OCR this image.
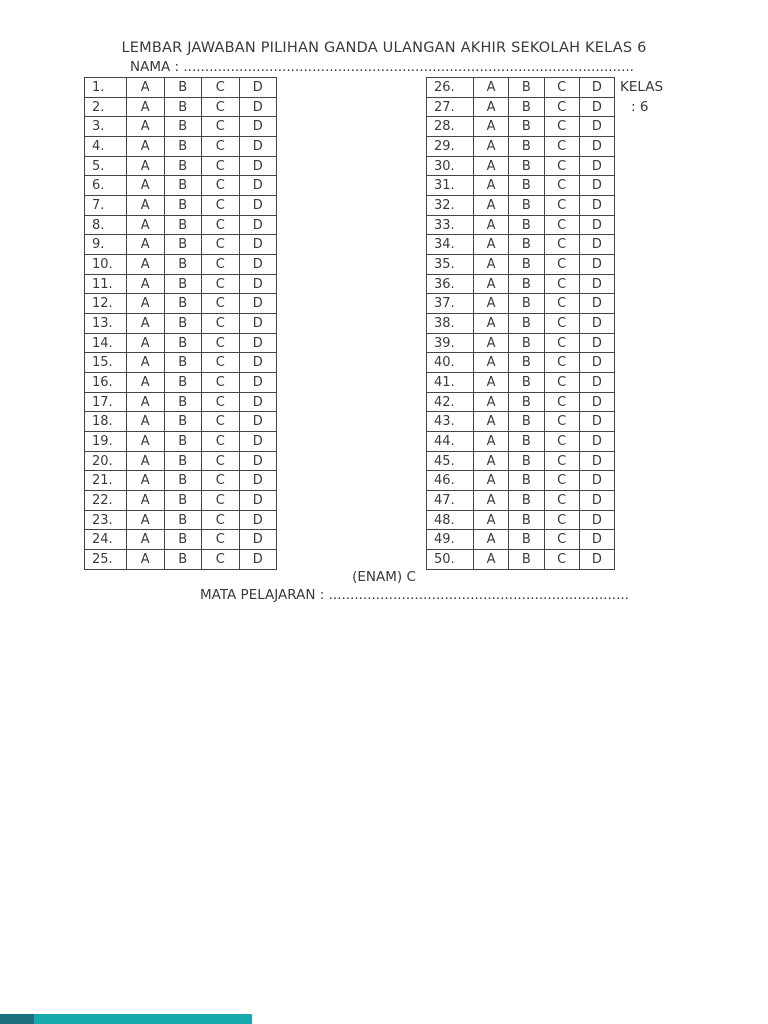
LEMBAR JAWABAN PILIHAN GANDA ULANGAN AKHIR SEKOLAH KELAS 6
NAMA : .........................................................................................................
1.	A	B	C	D
2.	A	B	C	D
3.	A	B	C	D
4.	A	B	C	D
5.	A	B	C	D
6.	A	B	C	D
7.	A	B	C	D
8.	A	B	C	D
9.	A	B	C	D
10.	A	B	C	D
11.	A	B	C	D
12.	A	B	C	D
13.	A	B	C	D
14.	A	B	C	D
15.	A	B	C	D
16.	A	B	C	D
17.	A	B	C	D
18.	A	B	C	D
19.	A	B	C	D
20.	A	B	C	D
21.	A	B	C	D
22.	A	B	C	D
23.	A	B	C	D
24.	A	B	C	D
25.	A	B	C	D
26.	A	B	C	D
27.	A	B	C	D
28.	A	B	C	D
29.	A	B	C	D
30.	A	B	C	D
31.	A	B	C	D
32.	A	B	C	D
33.	A	B	C	D
34.	A	B	C	D
35.	A	B	C	D
36.	A	B	C	D
37.	A	B	C	D
38.	A	B	C	D
39.	A	B	C	D
40.	A	B	C	D
41.	A	B	C	D
42.	A	B	C	D
43.	A	B	C	D
44.	A	B	C	D
45.	A	B	C	D
46.	A	B	C	D
47.	A	B	C	D
48.	A	B	C	D
49.	A	B	C	D
50.	A	B	C	D
KELAS
: 6
(ENAM) C
MATA PELAJARAN : ......................................................................
